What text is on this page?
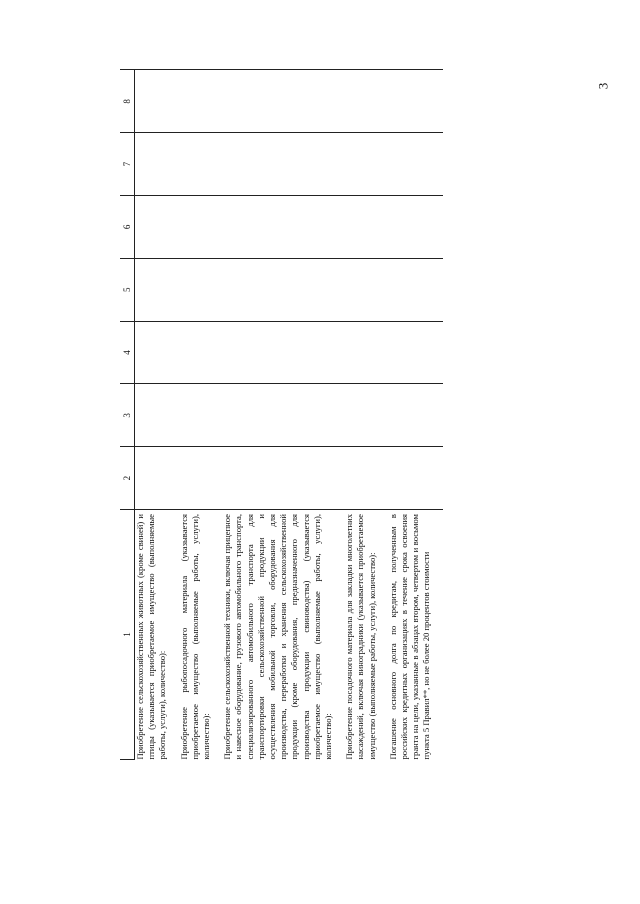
3
1	2	3	4	5	6	7	8
Приобретение сельскохозяйственных животных (кроме свиней) и птицы (указывается приобретаемое имущество (выполняемые работы, услуги), количество):							
Приобретение рыбопосадочного материала (указывается приобретаемое имущество (выполняемые работы, услуги), количество):							
Приобретение сельскохозяйственной техники, включая прицепное и навесное оборудование, грузового автомобильного транспорта, специализированного автомобильного транспорта для транспортировки сельскохозяйственной продукции и осуществления мобильной торговли, оборудования для производства, переработки и хранения сельскохозяйственной продукции (кроме оборудования, предназначенного для производства продукции свиноводства) (указывается приобретаемое имущество (выполняемые работы, услуги), количество):							
Приобретение посадочного материала для закладки многолетних насаждений, включая виноградники (указывается приобретаемое имущество (выполняемые работы, услуги), количество):							
Погашение основного долга по кредитам, полученным в российских кредитных организациях в течение срока освоения гранта на цели, указанные в абзацах втором, четвертом и восьмом пункта 5 Правил**, но не более 20 процентов стоимости							
